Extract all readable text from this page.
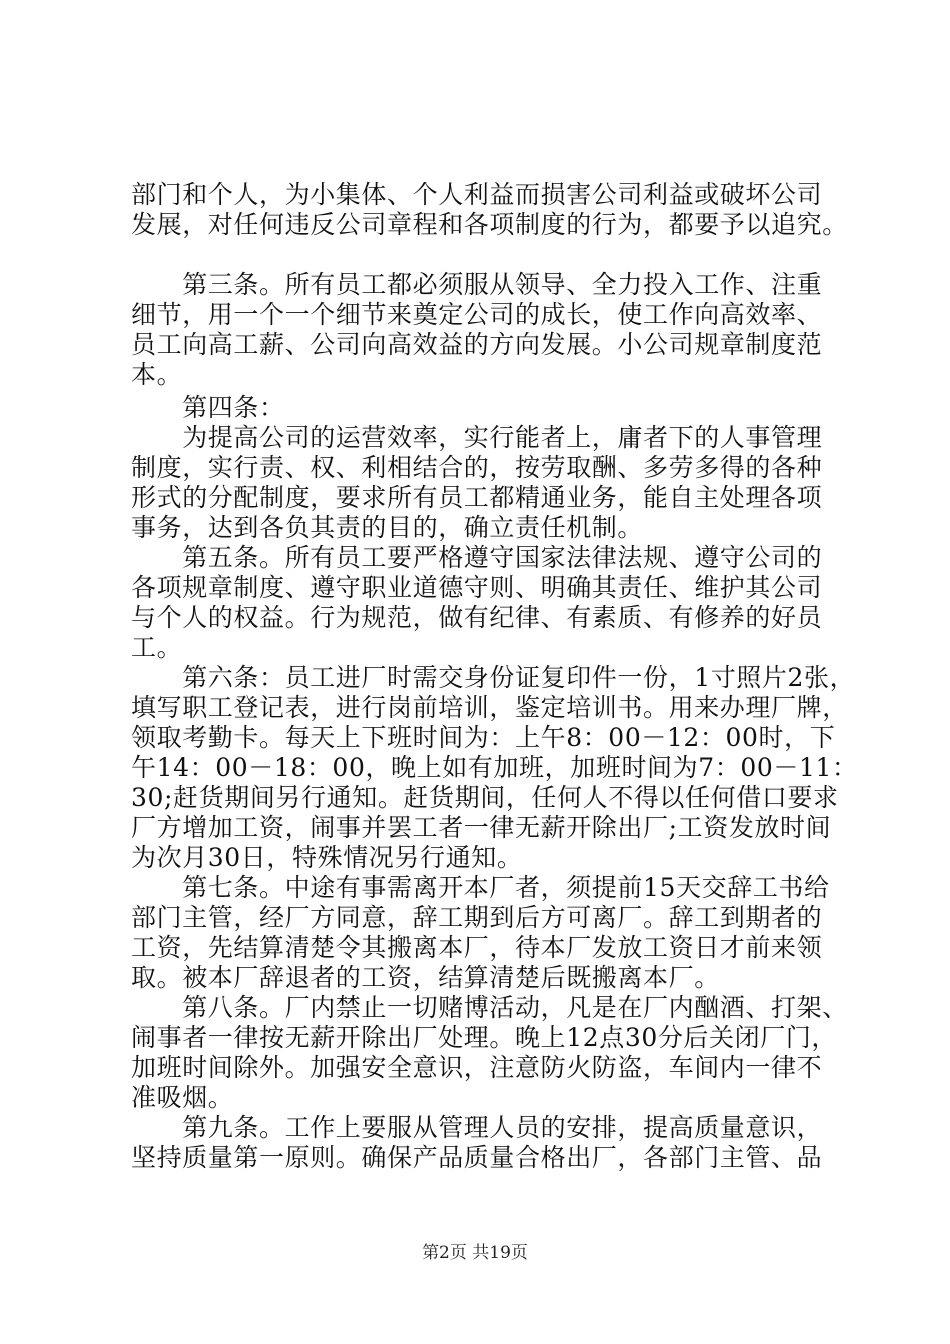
部门和个人，为小集体、个人利益而损害公司利益或破坏公司
发展，对任何违反公司章程和各项制度的行为，都要予以追究。
　　第三条。所有员工都必须服从领导、全力投入工作、注重
细节，用一个一个细节来奠定公司的成长，使工作向高效率、
员工向高工薪、公司向高效益的方向发展。小公司规章制度范
本。
　　第四条：
　　为提高公司的运营效率，实行能者上，庸者下的人事管理
制度，实行责、权、利相结合的，按劳取酬、多劳多得的各种
形式的分配制度，要求所有员工都精通业务，能自主处理各项
事务，达到各负其责的目的，确立责任机制。
　　第五条。所有员工要严格遵守国家法律法规、遵守公司的
各项规章制度、遵守职业道德守则、明确其责任、维护其公司
与个人的权益。行为规范，做有纪律、有素质、有修养的好员
工。
　　第六条：员工进厂时需交身份证复印件一份，1寸照片2张，
填写职工登记表，进行岗前培训，鉴定培训书。用来办理厂牌，
领取考勤卡。每天上下班时间为：上午8：00－12：00时，下
午14：00－18：00，晚上如有加班，加班时间为7：00－11：
30;赶货期间另行通知。赶货期间，任何人不得以任何借口要求
厂方增加工资，闹事并罢工者一律无薪开除出厂;工资发放时间
为次月30日，特殊情况另行通知。
　　第七条。中途有事需离开本厂者，须提前15天交辞工书给
部门主管，经厂方同意，辞工期到后方可离厂。辞工到期者的
工资，先结算清楚令其搬离本厂，待本厂发放工资日才前来领
取。被本厂辞退者的工资，结算清楚后既搬离本厂。
　　第八条。厂内禁止一切赌博活动，凡是在厂内酗酒、打架、
闹事者一律按无薪开除出厂处理。晚上12点30分后关闭厂门，
加班时间除外。加强安全意识，注意防火防盗，车间内一律不
准吸烟。
　　第九条。工作上要服从管理人员的安排，提高质量意识，
坚持质量第一原则。确保产品质量合格出厂，各部门主管、品
第2页 共19页
